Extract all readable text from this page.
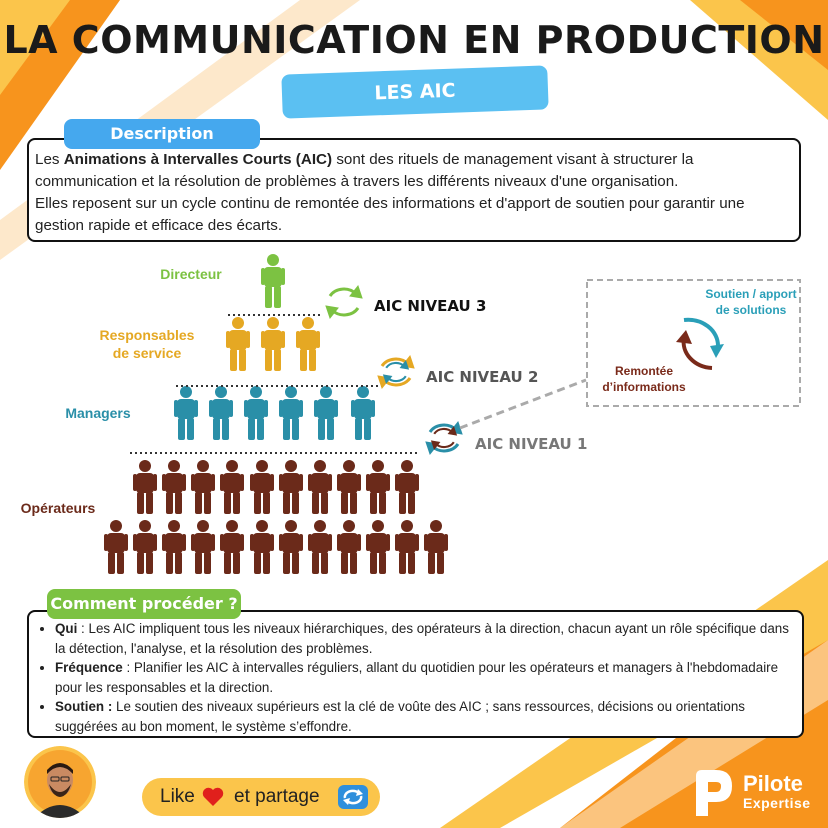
LA COMMUNICATION EN PRODUCTION
LES AIC
Les Animations à Intervalles Courts (AIC) sont des rituels de management visant à structurer la communication et la résolution de problèmes à travers les différents niveaux d'une organisation.
Elles reposent sur un cycle continu de remontée des informations et d'apport de soutien pour garantir une gestion rapide et efficace des écarts.
Description
Directeur
Responsables
de service
Managers
Opérateurs
AIC NIVEAU 3
AIC NIVEAU 2
AIC NIVEAU 1
Soutien / apport
de solutions
Remontée
d’informations
• Qui : Les AIC impliquent tous les niveaux hiérarchiques, des opérateurs à la direction, chacun ayant un rôle spécifique dans la détection, l'analyse, et la résolution des problèmes.
• Fréquence : Planifier les AIC à intervalles réguliers, allant du quotidien pour les opérateurs et managers à l'hebdomadaire pour les responsables et la direction.
• Soutien : Le soutien des niveaux supérieurs est la clé de voûte des AIC ; sans ressources, décisions ou orientations suggérées au bon moment, le système s’effondre.
Comment procéder ?
Like et partage
Pilote
Expertise
